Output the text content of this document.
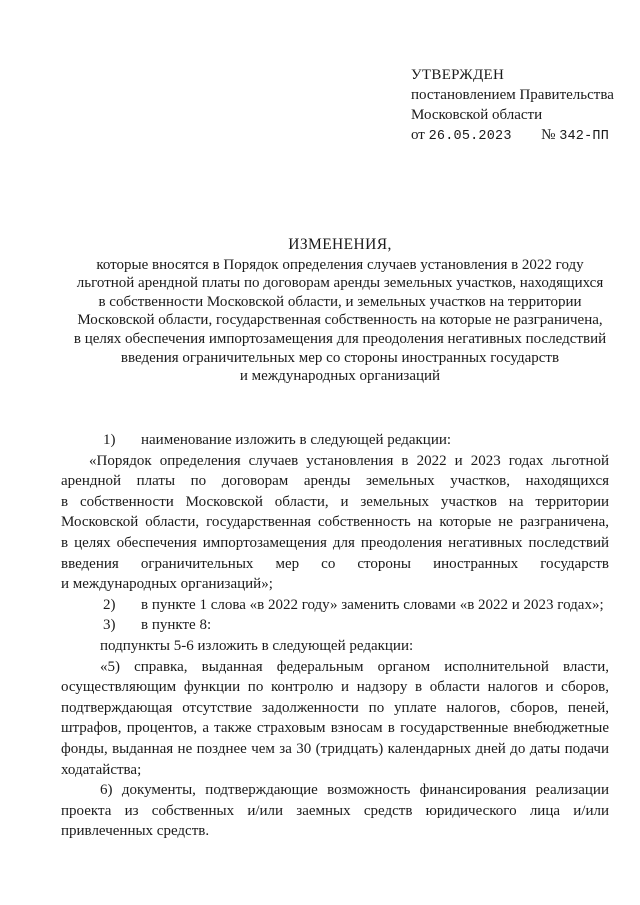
УТВЕРЖДЕН
постановлением Правительства
Московской области
от 26.05.2023 № 342-ПП
ИЗМЕНЕНИЯ,
которые вносятся в Порядок определения случаев установления в 2022 году
льготной арендной платы по договорам аренды земельных участков, находящихся
в собственности Московской области, и земельных участков на территории
Московской области, государственная собственность на которые не разграничена,
в целях обеспечения импортозамещения для преодоления негативных последствий
введения ограничительных мер со стороны иностранных государств
и международных организаций
1) наименование изложить в следующей редакции:
«Порядок определения случаев установления в 2022 и 2023 годах льготной
арендной платы по договорам аренды земельных участков, находящихся
в собственности Московской области, и земельных участков на территории
Московской области, государственная собственность на которые не разграничена,
в целях обеспечения импортозамещения для преодоления негативных последствий
введения ограничительных мер со стороны иностранных государств
и международных организаций»;
2) в пункте 1 слова «в 2022 году» заменить словами «в 2022 и 2023 годах»;
3) в пункте 8:
подпункты 5-6 изложить в следующей редакции:
«5) справка, выданная федеральным органом исполнительной власти,
осуществляющим функции по контролю и надзору в области налогов и сборов,
подтверждающая отсутствие задолженности по уплате налогов, сборов, пеней,
штрафов, процентов, а также страховым взносам в государственные внебюджетные
фонды, выданная не позднее чем за 30 (тридцать) календарных дней до даты подачи
ходатайства;
6) документы, подтверждающие возможность финансирования реализации
проекта из собственных и/или заемных средств юридического лица и/или
привлеченных средств.
